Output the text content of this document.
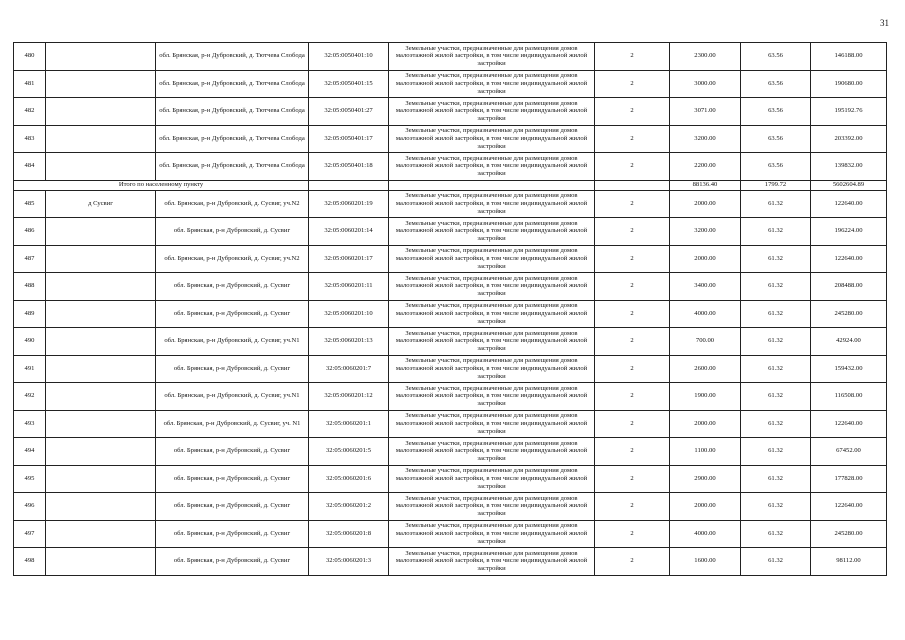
31
480		обл. Брянская, р-н Дубровский, д. Тютчева Слобода	32:05:0050401:10	Земельные участки, предназначенные для размещения домов малоэтажной жилой застройки, в том числе индивидуальной жилой застройки	2	2300.00	63.56	146188.00
481		обл. Брянская, р-н Дубровский, д. Тютчева Слобода	32:05:0050401:15	Земельные участки, предназначенные для размещения домов малоэтажной жилой застройки, в том числе индивидуальной жилой застройки	2	3000.00	63.56	190680.00
482		обл. Брянская, р-н Дубровский, д. Тютчева Слобода	32:05:0050401:27	Земельные участки, предназначенные для размещения домов малоэтажной жилой застройки, в том числе индивидуальной жилой застройки	2	3071.00	63.56	195192.76
483		обл. Брянская, р-н Дубровский, д. Тютчева Слобода	32:05:0050401:17	Земельные участки, предназначенные для размещения домов малоэтажной жилой застройки, в том числе индивидуальной жилой застройки	2	3200.00	63.56	203392.00
484		обл. Брянская, р-н Дубровский, д. Тютчева Слобода	32:05:0050401:18	Земельные участки, предназначенные для размещения домов малоэтажной жилой застройки, в том числе индивидуальной жилой застройки	2	2200.00	63.56	139832.00
Итого по населенному пункту						88136.40	1799.72	5602604.89
485	д Сусвиг	обл. Брянская, р-н Дубровский, д. Сусвиг, уч.N2	32:05:0060201:19	Земельные участки, предназначенные для размещения домов малоэтажной жилой застройки, в том числе индивидуальной жилой застройки	2	2000.00	61.32	122640.00
486		обл. Брянская, р-н Дубровский, д. Сусвиг	32:05:0060201:14	Земельные участки, предназначенные для размещения домов малоэтажной жилой застройки, в том числе индивидуальной жилой застройки	2	3200.00	61.32	196224.00
487		обл. Брянская, р-н Дубровский, д. Сусвиг, уч.N2	32:05:0060201:17	Земельные участки, предназначенные для размещения домов малоэтажной жилой застройки, в том числе индивидуальной жилой застройки	2	2000.00	61.32	122640.00
488		обл. Брянская, р-н Дубровский, д. Сусвиг	32:05:0060201:11	Земельные участки, предназначенные для размещения домов малоэтажной жилой застройки, в том числе индивидуальной жилой застройки	2	3400.00	61.32	208488.00
489		обл. Брянская, р-н Дубровский, д. Сусвиг	32:05:0060201:10	Земельные участки, предназначенные для размещения домов малоэтажной жилой застройки, в том числе индивидуальной жилой застройки	2	4000.00	61.32	245280.00
490		обл. Брянская, р-н Дубровский, д. Сусвиг, уч.N1	32:05:0060201:13	Земельные участки, предназначенные для размещения домов малоэтажной жилой застройки, в том числе индивидуальной жилой застройки	2	700.00	61.32	42924.00
491		обл. Брянская, р-н Дубровский, д. Сусвиг	32:05:0060201:7	Земельные участки, предназначенные для размещения домов малоэтажной жилой застройки, в том числе индивидуальной жилой застройки	2	2600.00	61.32	159432.00
492		обл. Брянская, р-н Дубровский, д. Сусвиг, уч.N1	32:05:0060201:12	Земельные участки, предназначенные для размещения домов малоэтажной жилой застройки, в том числе индивидуальной жилой застройки	2	1900.00	61.32	116508.00
493		обл. Брянская, р-н Дубровский, д. Сусвиг, уч. N1	32:05:0060201:1	Земельные участки, предназначенные для размещения домов малоэтажной жилой застройки, в том числе индивидуальной жилой застройки	2	2000.00	61.32	122640.00
494		обл. Брянская, р-н Дубровский, д. Сусвиг	32:05:0060201:5	Земельные участки, предназначенные для размещения домов малоэтажной жилой застройки, в том числе индивидуальной жилой застройки	2	1100.00	61.32	67452.00
495		обл. Брянская, р-н Дубровский, д. Сусвиг	32:05:0060201:6	Земельные участки, предназначенные для размещения домов малоэтажной жилой застройки, в том числе индивидуальной жилой застройки	2	2900.00	61.32	177828.00
496		обл. Брянская, р-н Дубровский, д. Сусвиг	32:05:0060201:2	Земельные участки, предназначенные для размещения домов малоэтажной жилой застройки, в том числе индивидуальной жилой застройки	2	2000.00	61.32	122640.00
497		обл. Брянская, р-н Дубровский, д. Сусвиг	32:05:0060201:8	Земельные участки, предназначенные для размещения домов малоэтажной жилой застройки, в том числе индивидуальной жилой застройки	2	4000.00	61.32	245280.00
498		обл. Брянская, р-н Дубровский, д. Сусвиг	32:05:0060201:3	Земельные участки, предназначенные для размещения домов малоэтажной жилой застройки, в том числе индивидуальной жилой застройки	2	1600.00	61.32	98112.00
